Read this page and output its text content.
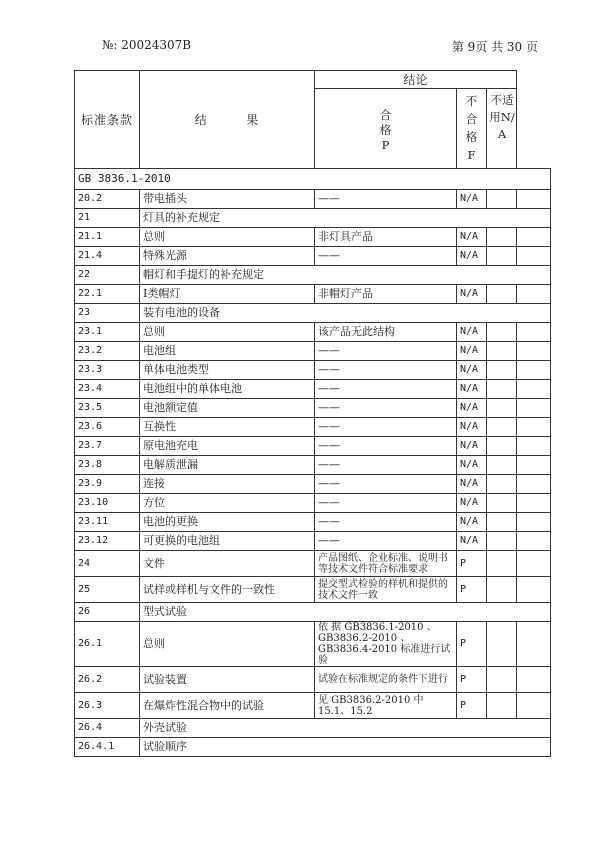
№: 20024307B	第 9页 共 30 页
标准条款	结        果	结论		

		合格P	不合格F	不适用N/A	

GB 3836.1-2010					
20.2	带电插头	——	N/A		
21	灯具的补充规定				
21.1	总则	非灯具产品	N/A		
21.4	特殊光源	——	N/A		
22	帽灯和手提灯的补充规定				
22.1	Ⅰ类帽灯	非帽灯产品	N/A		
23	装有电池的设备				
23.1	总则	该产品无此结构	N/A		
23.2	电池组	——	N/A		
23.3	单体电池类型	——	N/A		
23.4	电池组中的单体电池	——	N/A		
23.5	电池额定值	——	N/A		
23.6	互换性	——	N/A		
23.7	原电池充电	——	N/A		
23.8	电解质泄漏	——	N/A		
23.9	连接	——	N/A		
23.10	方位	——	N/A		
23.11	电池的更换	——	N/A		
23.12	可更换的电池组	——	N/A		
24	文件	产品图纸、企业标准、说明书等技术文件符合标准要求	P		
25	试样或样机与文件的一致性	提交型式检验的样机和提供的技术文件一致	P		
26	型式试验				
26.1	总则	依 据 GB3836.1-2010 、GB3836.2-2010 、GB3836.4-2010 标准进行试验	P		
26.2	试验装置	试验在标准规定的条件下进行	P		
26.3	在爆炸性混合物中的试验	见 GB3836.2-2010 中 15.1、15.2	P		
26.4	外壳试验				
26.4.1	试验顺序				
